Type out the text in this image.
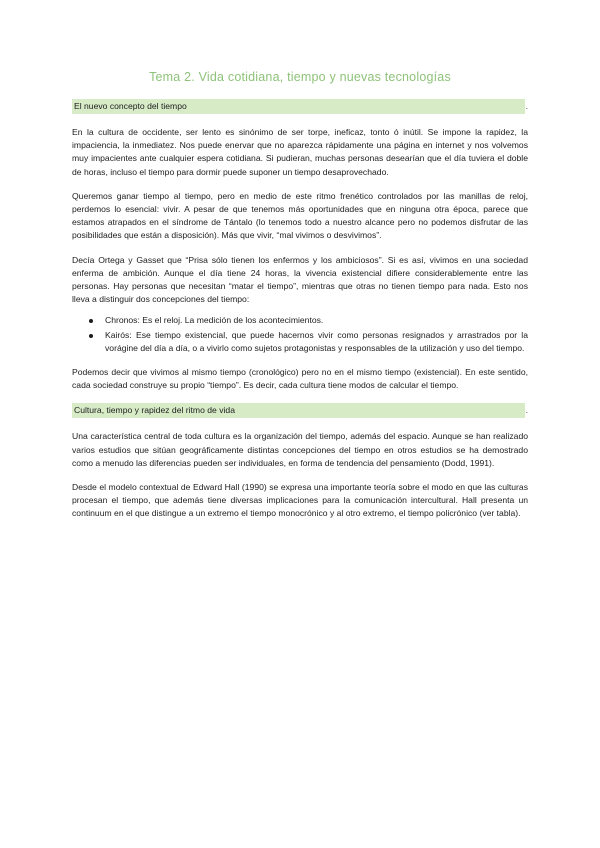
Tema 2. Vida cotidiana, tiempo y nuevas tecnologías
El nuevo concepto del tiempo	.

En la cultura de occidente, ser lento es sinónimo de ser torpe, ineficaz, tonto ó inútil. Se impone la rapidez, la impaciencia, la inmediatez. Nos puede enervar que no aparezca rápidamente una página en internet y nos volvemos muy impacientes ante cualquier espera cotidiana. Si pudieran, muchas personas desearían que el día tuviera el doble de horas, incluso el tiempo para dormir puede suponer un tiempo desaprovechado.

Queremos ganar tiempo al tiempo, pero en medio de este ritmo frenético controlados por las manillas de reloj, perdemos lo esencial: vivir. A pesar de que tenemos más oportunidades que en ninguna otra época, parece que estamos atrapados en el síndrome de Tántalo (lo tenemos todo a nuestro alcance pero no podemos disfrutar de las posibilidades que están a disposición). Más que vivir, “mal vivimos o desvivimos”.

Decía Ortega y Gasset que “Prisa sólo tienen los enfermos y los ambiciosos”. Si es así, vivimos en una sociedad enferma de ambición. Aunque el día tiene 24 horas, la vivencia existencial difiere considerablemente entre las personas. Hay personas que necesitan “matar el tiempo”, mientras que otras no tienen tiempo para nada. Esto nos lleva a distinguir dos concepciones del tiempo:

Chronos: Es el reloj. La medición de los acontecimientos.
Kairós: Ese tiempo existencial, que puede hacernos vivir como personas resignados y arrastrados por la vorágine del día a día, o a vivirlo como sujetos protagonistas y responsables de la utilización y uso del tiempo.

Podemos decir que vivimos al mismo tiempo (cronológico) pero no en el mismo tiempo (existencial). En este sentido, cada sociedad construye su propio “tiempo”. Es decir, cada cultura tiene modos de calcular el tiempo.

Cultura, tiempo y rapidez del ritmo de vida	.

Una característica central de toda cultura es la organización del tiempo, además del espacio. Aunque se han realizado varios estudios que sitúan geográficamente distintas concepciones del tiempo en otros estudios se ha demostrado como a menudo las diferencias pueden ser individuales, en forma de tendencia del pensamiento (Dodd, 1991).

Desde el modelo contextual de Edward Hall (1990) se expresa una importante teoría sobre el modo en que las culturas procesan el tiempo, que además tiene diversas implicaciones para la comunicación intercultural. Hall presenta un continuum en el que distingue a un extremo el tiempo monocrónico y al otro extremo, el tiempo policrónico (ver tabla).
